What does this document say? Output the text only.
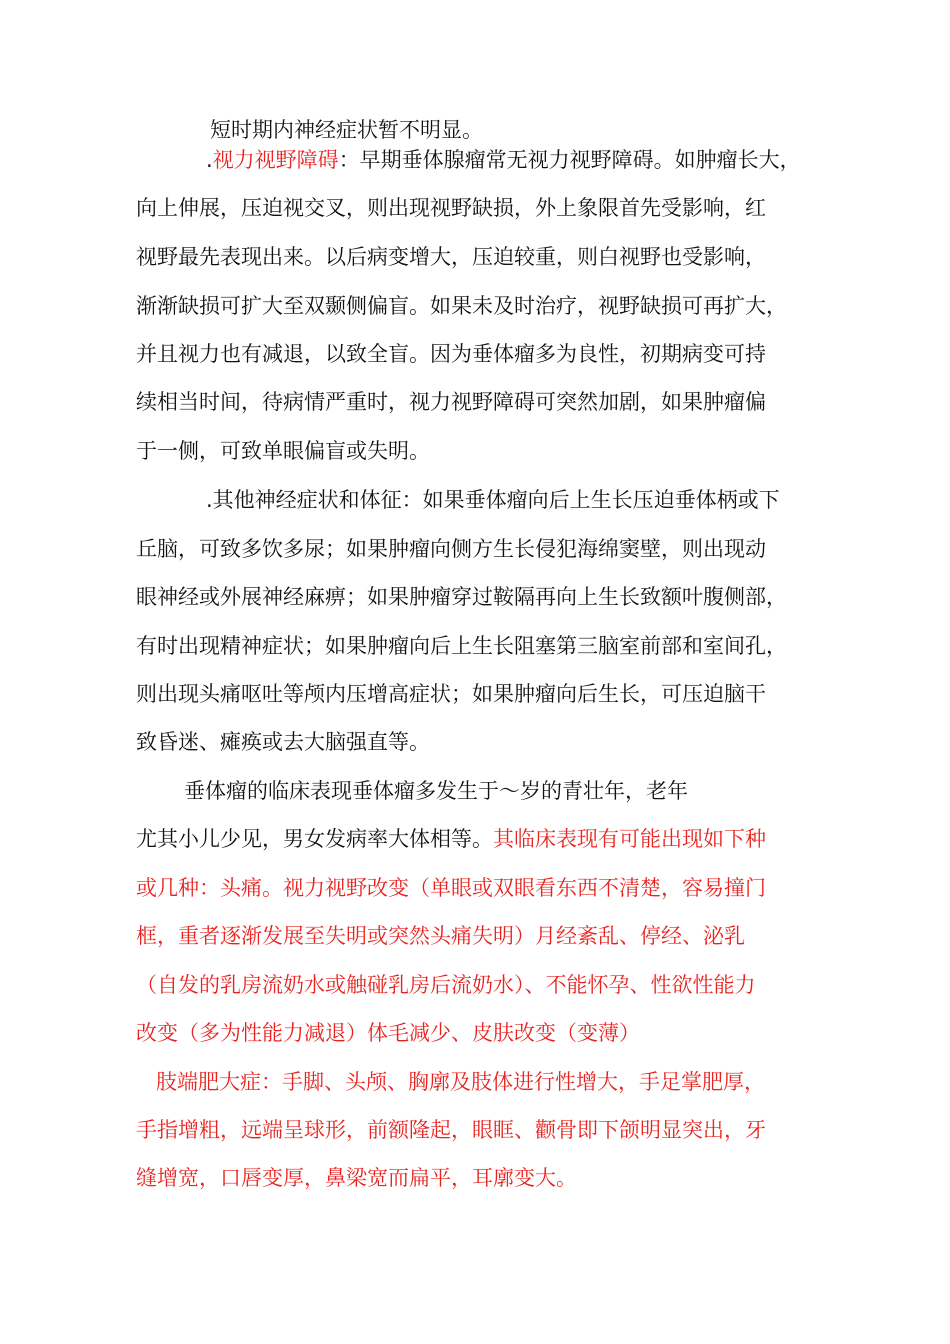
短时期内神经症状暂不明显。
.视力视野障碍：早期垂体腺瘤常无视力视野障碍。如肿瘤长大，
向上伸展，压迫视交叉，则出现视野缺损，外上象限首先受影响，红
视野最先表现出来。以后病变增大，压迫较重，则白视野也受影响，
渐渐缺损可扩大至双颞侧偏盲。如果未及时治疗，视野缺损可再扩大，
并且视力也有减退，以致全盲。因为垂体瘤多为良性，初期病变可持
续相当时间，待病情严重时，视力视野障碍可突然加剧，如果肿瘤偏
于一侧，可致单眼偏盲或失明。
.其他神经症状和体征：如果垂体瘤向后上生长压迫垂体柄或下
丘脑，可致多饮多尿；如果肿瘤向侧方生长侵犯海绵窦壁，则出现动
眼神经或外展神经麻痹；如果肿瘤穿过鞍隔再向上生长致额叶腹侧部，
有时出现精神症状；如果肿瘤向后上生长阻塞第三脑室前部和室间孔，
则出现头痛呕吐等颅内压增高症状；如果肿瘤向后生长，可压迫脑干
致昏迷、瘫痪或去大脑强直等。
垂体瘤的临床表现垂体瘤多发生于～岁的青壮年，老年
尤其小儿少见，男女发病率大体相等。其临床表现有可能出现如下种
或几种：头痛。视力视野改变（单眼或双眼看东西不清楚，容易撞门
框，重者逐渐发展至失明或突然头痛失明）月经紊乱、停经、泌乳
（自发的乳房流奶水或触碰乳房后流奶水）、不能怀孕、性欲性能力
改变（多为性能力减退）体毛减少、皮肤改变（变薄）
肢端肥大症：手脚、头颅、胸廓及肢体进行性增大，手足掌肥厚，
手指增粗，远端呈球形，前额隆起，眼眶、颧骨即下颌明显突出，牙
缝增宽，口唇变厚，鼻梁宽而扁平，耳廓变大。
